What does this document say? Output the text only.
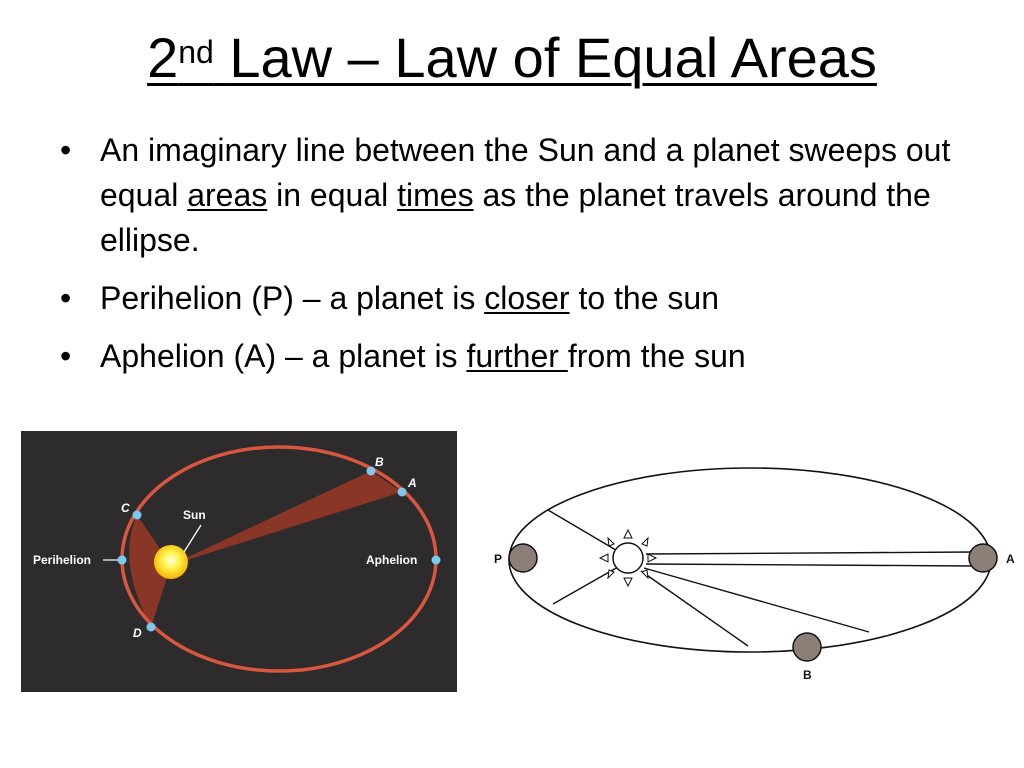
2nd Law – Law of Equal Areas
• An imaginary line between the Sun and a planet sweeps out equal areas in equal times as the planet travels around the ellipse.
• Perihelion (P) – a planet is closer to the sun
• Aphelion (A) – a planet is further from the sun
Sun
B
A
C
D
Perihelion	Aphelion	P	A
B
